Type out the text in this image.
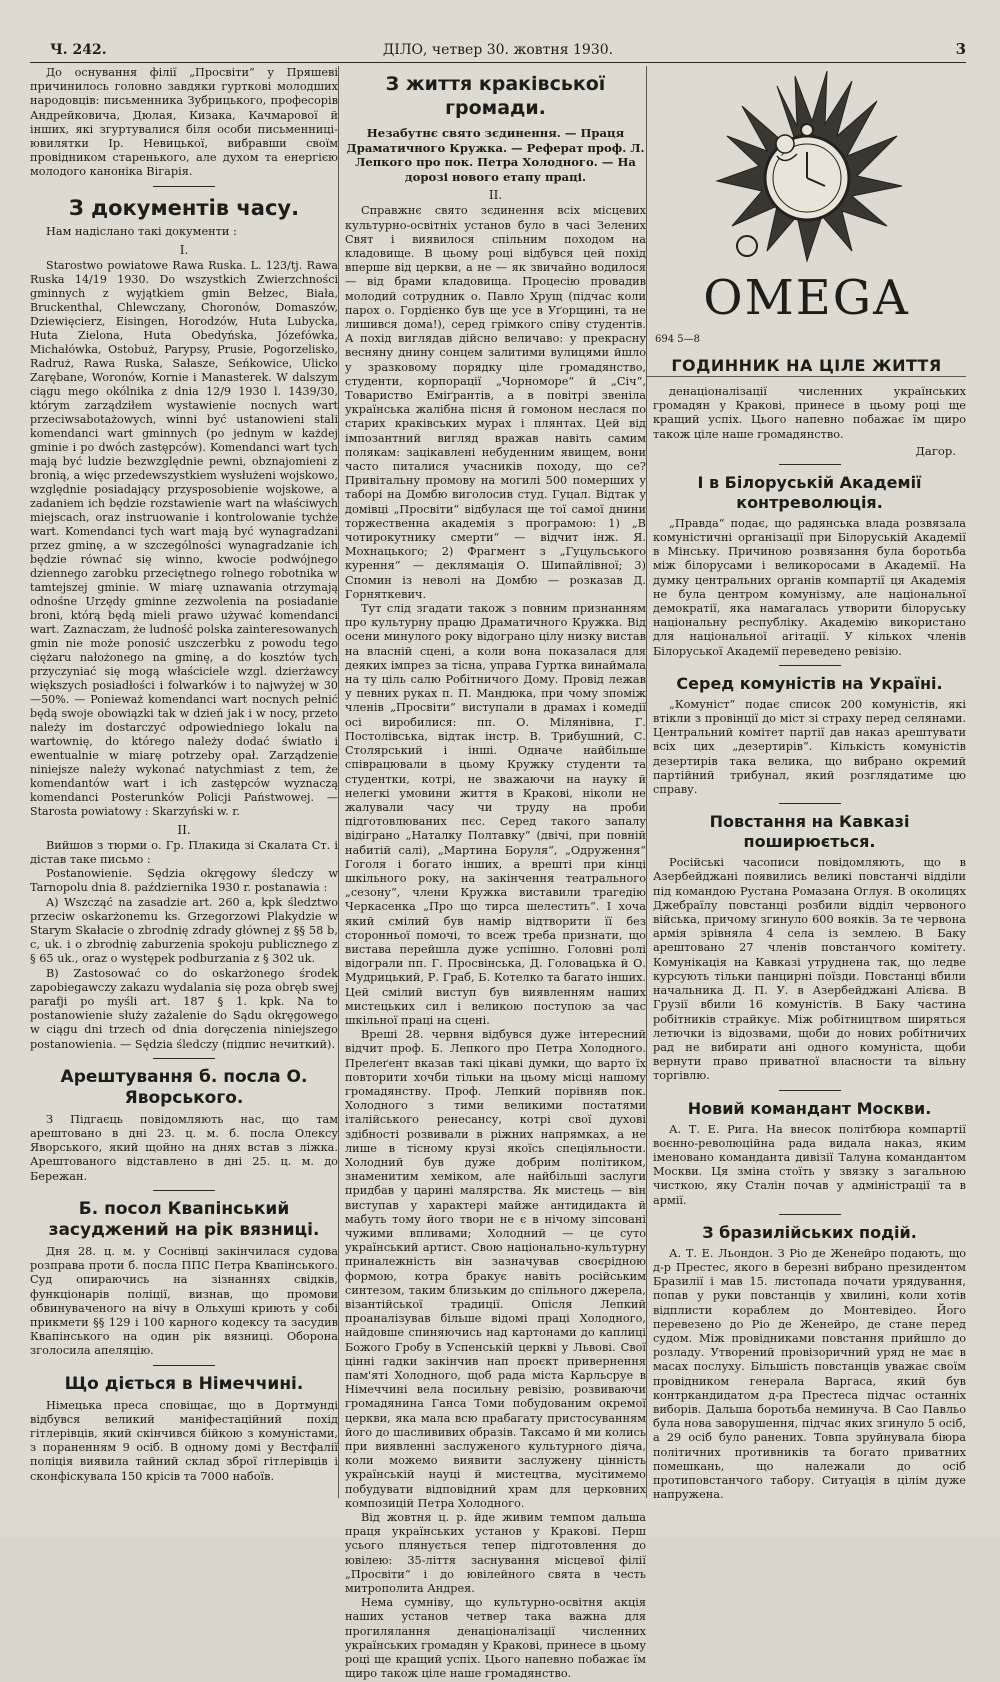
Ч. 242.	ДІЛО, четвер 30. жовтня 1930.	3

До оснування філії „Просвіти“ у Пряшеві причинилось головно завдяки гурткові молодших народовців: письменника Зубрицького, професорів Андрейковича, Дюлая, Кизака, Качмарової й інших, які згуртувалися біля особи письменниці-ювилятки Ір. Невицької, вибравши своїм провідником старенького, але духом та енергією молодого каноніка Вігарія.

З документів часу.

Нам надіслано такі документи :

I.

Starostwo powiatowe Rawa Ruska. L. 123/tj. Rawa Ruska 14/19 1930. Do wszystkich Zwierzchności gminnych z wyjątkiem gmin Bełzec, Biała, Bruckenthal, Chlewczany, Choronów, Domaszów, Dziewięcierz, Eisingen, Horodzów, Huta Lubycka, Huta Zielona, Huta Obedyńska, Józefówka, Michałówka, Ostobuż, Parypsy, Prusie, Pogorzelisko, Radruż, Rawa Ruska, Sałasze, Seńkowice, Ulicko Zarębane, Woronów, Kornie i Manasterek. W dalszym ciągu mego okólnika z dnia 12/9 1930 l. 1439/30, którym zarządziłem wystawienie nocnych wart przeciwsabotażowych, winni być ustanowieni stali komendanci wart gminnych (po jednym w każdej gminie i po dwóch zastępców). Komendanci wart tych mają być ludzie bezwzględnie pewni, obznajomieni z bronią, a więc przedewszystkiem wysłużeni wojskowo, względnie posiadający przysposobienie wojskowe, a zadaniem ich będzie rozstawienie wart na właściwych miejscach, oraz instruowanie i kontrolowanie tychże wart. Komendanci tych wart mają być wynagradzani przez gminę, a w szczególności wynagradzanie ich będzie równać się winno, kwocie podwójnego dziennego zarobku przeciętnego rolnego robotnika w tamtejszej gminie. W miarę uznawania otrzymają odnośne Urzędy gminne zezwolenia na posiadanie broni, którą będą mieli prawo używać komendanci wart. Zaznaczam, że ludność polska zainteresowanych gmin nie może ponosić uszczerbku z powodu tego ciężaru nałożonego na gminę, a do kosztów tych przyczyniać się mogą właściciele wzgl. dzierżawcy większych posiadłości i folwarków i to najwyżej w 30—50%. — Ponieważ komendanci wart nocnych pełnić będą swoje obowiązki tak w dzień jak i w nocy, przeto należy im dostarczyć odpowiedniego lokalu na wartownię, do którego należy dodać światło i ewentualnie w miarę potrzeby opał. Zarządzenie niniejsze należy wykonać natychmiast z tem, że komendantów wart i ich zastępców wyznaczą komendanci Posterunków Policji Państwowej. — Starosta powiatowy : Skarzyński w. r.

II.

Вийшов з тюрми о. Гр. Плакида зі Скалата Ст. і дістав таке письмо :

Postanowienie. Sędzia okręgowy śledczy w Tarnopolu dnia 8. października 1930 r. postanawia :

A) Wszcząć na zasadzie art. 260 a, kpk śledztwo przeciw oskarżonemu ks. Grzegorzowi Plakydzie w Starym Skałacie o zbrodnię zdrady głównej z §§ 58 b, c, uk. i o zbrodnię zaburzenia spokoju publicznego z § 65 uk., oraz o występek podburzania z § 302 uk.

B) Zastosować co do oskarżonego środek zapobiegawczy zakazu wydalania się poza obręb swej parafji po myśli art. 187 § 1. kpk. Na to postanowienie służy zażalenie do Sądu okręgowego w ciągu dni trzech od dnia doręczenia niniejszego postanowienia. — Sędzia śledczy (підпис нечиткий).

Арештування б. посла О. Яворського.

З Підгаєць повідомляють нас, що там арештовано в дні 23. ц. м. б. посла Олексу Яворського, який щойно на днях встав з ліжка. Арештованого відставлено в дні 25. ц. м. до Бережан.

Б. посол Квапінський засуджений на рік вязниці.

Дня 28. ц. м. у Соснівці закінчилася судова розправа проти б. посла ППС Петра Квапінського. Суд опираючись на зізнаннях свідків, функціонарів поліції, визнав, що промови обвинуваченого на вічу в Ольхуші криють у собі прикмети §§ 129 і 100 карного кодексу та засудив Квапінського на один рік вязниці. Оборона зголосила апеляцію.

Що діється в Німеччині.

Німецька преса сповіщає, що в Дортмунді відбувся великий маніфестаційний похід гітлерівців, який скінчився бійкою з комуністами, з пораненням 9 осіб. В одному домі у Вестфалії поліція виявила тайний склад зброї гітлерівців і сконфіскувала 150 крісів та 7000 набоїв.

З життя краківської громади.
Незабутнє свято зєдинення. — Праця Драматичного Кружка. — Реферат проф. Л. Лепкого про пок. Петра Холодного. — На дорозі нового етапу праці.
II.

Справжнє свято зєдинення всіх місцевих культурно-освітніх установ було в часі Зелених Свят і виявилося спільним походом на кладовище. В цьому році відбувся цей похід вперше від церкви, а не — як звичайно водилося — від брами кладовища. Процесію провадив молодий сотрудник о. Павло Хрущ (підчас коли парох о. Гордієнко був ще усе в Уґорщині, та не лишився дома!), серед грімкого співу студентів. А похід виглядав дійсно величаво: у прекрасну весняну днину сонцем залитими вулицями йшло у зразковому порядку ціле громадянство, студенти, корпорації „Чорноморе“ й „Січ“, Товариство Еміґрантів, а в повітрі звеніла українська жалібна пісня й гомоном неслася по старих краківських мурах і плянтах. Цей від імпозантний вигляд вражав навіть самим полякам: зацікавлені небуденним явищем, вони часто питалися учасників походу, що се? Привітальну промову на могилі 500 померших у таборі на Домбю виголосив студ. Гуцал. Відтак у домівці „Просвіти“ відбулася ще тої самої днини торжественна академія з програмою: 1) „В чотирокутнику смерти“ — відчит інж. Я. Мохнацького; 2) Фрагмент з „Гуцульського курення“ — деклямація О. Шипайлівної; 3) Спомин із неволі на Домбю — розказав Д. Горняткевич.

Тут слід згадати також з повним признанням про культурну працю Драматичного Кружка. Від осени минулого року відограно цілу низку вистав на власній сцені, а коли вона показалася для деяких імпрез за тісна, управа Гуртка винаймала на ту ціль салю Робітничого Дому. Провід лежав у певних руках п. П. Мандюка, при чому зпоміж членів „Просвіти“ виступали в драмах і комедії осі виробилися: пп. О. Мілянівна, Г. Постолівська, відтак інстр. В. Трибушний, С. Столярський і інші. Одначе найбільше співрацювали в цьому Кружку студенти та студентки, котрі, не зважаючи на науку й нелегкі умовини життя в Кракові, ніколи не жалували часу чи труду на проби підготовлюваних пєс. Серед такого запалу відіграно „Наталку Полтавку“ (двічі, при повній набитій салі), „Мартина Боруля“, „Одруження“ Гоголя і богато інших, а врешті при кінці шкільного року, на закінчення театрального „сезону“, члени Кружка виставили трагедію Черкасенка „Про що тирса шелестить“. І хоча який смілий був намір відтворити її без сторонньої помочі, то всеж треба признати, що вистава перейшла дуже успішно. Головні ролі відограли пп. Г. Просвінська, Д. Головацька й О. Мудрицький, Р. Граб, Б. Котелко та багато інших. Цей смілий виступ був виявленням наших мистецьких сил і великою поступою за час шкільної праці на сцені.

Вреші 28. червня відбувся дуже інтересний відчит проф. Б. Лепкого про Петра Холодного. Прелеґент вказав такі цікаві думки, що варто їх повторити хочби тільки на цьому місці нашому громадянству. Проф. Лепкий порівняв пок. Холодного з тими великими постатями італійського ренесансу, котрі свої духові здібності розвивали в ріжних напрямках, а не лише в тісному крузі якоїсь спеціяльности. Холодний був дуже добрим політиком, знаменитим хеміком, але найбільші заслуги придбав у царині малярства. Як мистець — він виступав у характері майже антидидакта й мабуть тому його твори не є в нічому зіпсовані чужими впливами; Холодний — це суто український артист. Свою національно-культурну приналежність він зазначував своєрідною формою, котра бракує навіть російським синтезом, таким близьким до спільного джерела, візантійської традиції. Опісля Лепкий проаналізував більше відомі праці Холодного, найдовше спиняючись над картонами до каплиці Божого Гробу в Успенській церкві у Львові. Свої цінні гадки закінчив нап проєкт привернення пам'яті Холодного, щоб рада міста Карльсруе в Німеччині вела посильну ревізію, розвиваючи громадянина Ганса Томи побудованим окремої церкви, яка мала всю прабагату пристосуванням його до шаслививих образів. Таксамо й ми колись при виявленні заслуженого культурного діяча, коли можемо виявити заслужену цінність українській науці й мистецтва, мусітимемо побудувати відповідний храм для церковних композицій Петра Холодного.

Від жовтня ц. р. йде живим темпом дальша праця українських установ у Кракові. Перш усього плянується тепер підготовлення до ювілею: 35-ліття заснування місцевої філії „Просвіти“ і до ювілейного свята в честь митрополита Андрея.

Нема сумніву, що культурно-освітня акція наших установ четвер така важна для прогилялання денаціоналізації численних українських громадян у Кракові, принесе в цьому році ще кращий успіх. Цього напевно побажає їм щиро також ціле наше громадянство.

OMEGA
694 5—8
ГОДИННИК НА ЦІЛЕ ЖИТТЯ

денаціоналізації численних українських громадян у Кракові, принесе в цьому році ще кращий успіх. Цього напевно побажає їм щиро також ціле наше громадянство.

Дагор.
І в Білоруській Академії контреволюція.

„Правда“ подає, що радянська влада розвязала комуністичні організації при Білоруській Академії в Мінську. Причиною розвязання була боротьба між білорусами і великоросами в Академії. На думку центральних органів компартії ця Академія не була центром комунізму, але національної демократії, яка намагалась утворити білоруську національну республіку. Академію використано для національної агітації. У кількох членів Білоруської Академії переведено ревізію.

Серед комуністів на Україні.

„Комуніст“ подає список 200 комуністів, які втікли з провінції до міст зі страху перед селянами. Центральний комітет партії дав наказ арештувати всіх цих „дезертирів“. Кількість комуністів дезертирів така велика, що вибрано окремий партійний трибунал, який розглядатиме цю справу.

Повстання на Кавказі поширюється.

Російські часописи повідомляють, що в Азербейджані появились великі повстанчі відділи під командою Рустана Ромазана Оглуя. В околицях Джебраїлу повстанці розбили відділ червоного війська, причому згинуло 600 вояків. За те червона армія зрівняла 4 села із землею. В Баку арештовано 27 членів повстанчого комітету. Комунікація на Кавказі утруднена так, що ледве курсують тільки панцирні поїзди. Повстанці вбили начальника Д. П. У. в Азербейджані Алієва. В Грузії вбили 16 комуністів. В Баку частина робітників страйкує. Між робітництвом ширяться летючки із відозвами, щоби до нових робітничих рад не вибирати ані одного комуніста, щоби вернути право приватної власности та вільну торгівлю.

Новий командант Москви.

А. Т. Е. Рига. На внесок політбюра компартії воєнно-революційна рада видала наказ, яким іменовано командантa дивізії Талуна командантом Москви. Ця зміна стоїть у звязку з загальною чисткою, яку Сталін почав у адміністрації та в армії.

З бразилійських подій.

А. Т. Е. Льондон. З Ріо де Женейро подають, що д-р Престес, якого в березні вибрано президентом Бразилії і мав 15. листопада почати урядування, попав у руки повстанців у хвилині, коли хотів відплисти кораблем до Монтевідео. Його перевезено до Ріо де Женейро, де стане перед судом. Між провідниками повстання прийшло до розладу. Утворений провізоричний уряд не має в масах послуху. Більшість повстанців уважає своїм провідником генерала Варгаса, який був контркандидатом д-ра Престеса підчас останніх виборів. Дальша боротьба неминуча. В Сао Павльо була нова заворушення, підчас яких згинуло 5 осіб, а 29 осіб було ранених. Товпа зруйнувала біюра політичних противників та богато приватних помешкань, що належали до осіб протиповстанчого табору. Ситуація в цілім дуже напружена.
